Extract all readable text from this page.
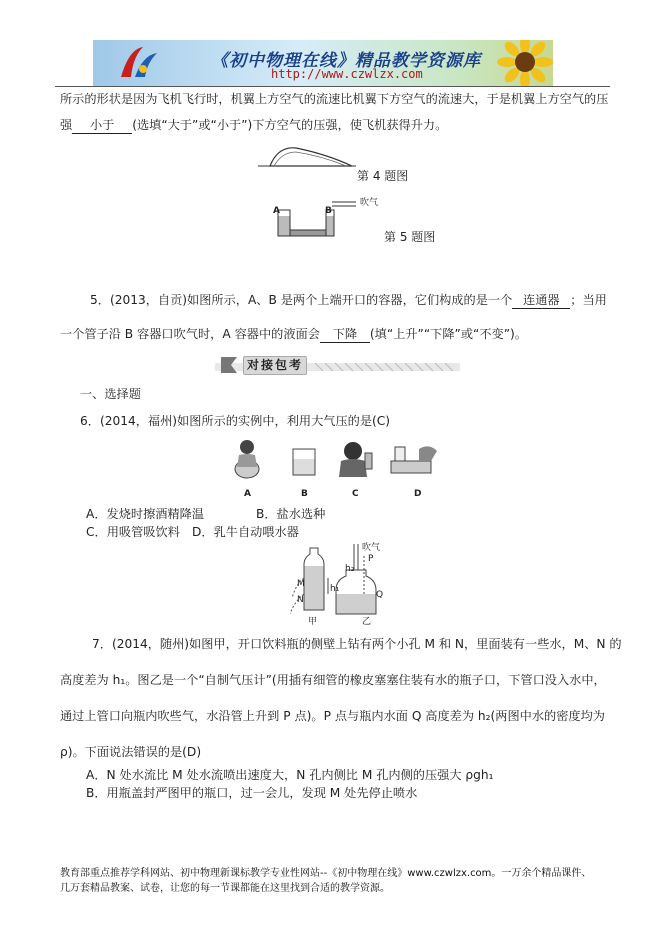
《初中物理在线》精品教学资源库
http://www.czwlzx.com
所示的形状是因为飞机飞行时，机翼上方空气的流速比机翼下方空气的流速大，于是机翼上方空气的压
强 小于 (选填“大于”或“小于”)下方空气的压强，使飞机获得升力。
第 4 题图
A	B
吹气
第 5 题图
5．(2013，自贡)如图所示，A、B 是两个上端开口的容器，它们构成的是一个 连通器 ；当用
一个管子沿 B 容器口吹气时，A 容器中的液面会 下降 (填“上升”“下降”或“不变”)。
对接包考
一、选择题
6．(2014，福州)如图所示的实例中，利用大气压的是(C)
A	B	C	D
A．发烧时擦酒精降温	B．盐水选种
C．用吸管吸饮料　D．乳牛自动喂水器
M
N
h₁
h₂
P
Q
吹气
甲	乙
7．(2014，随州)如图甲，开口饮料瓶的侧壁上钻有两个小孔 M 和 N，里面装有一些水，M、N 的
高度差为 h₁。图乙是一个“自制气压计”(用插有细管的橡皮塞塞住装有水的瓶子口，下管口没入水中，
通过上管口向瓶内吹些气，水沿管上升到 P 点)。P 点与瓶内水面 Q 高度差为 h₂(两图中水的密度均为
ρ)。下面说法错误的是(D)
A．N 处水流比 M 处水流喷出速度大，N 孔内侧比 M 孔内侧的压强大 ρgh₁
B．用瓶盖封严图甲的瓶口，过一会儿，发现 M 处先停止喷水
教育部重点推荐学科网站、初中物理新课标教学专业性网站--《初中物理在线》www.czwlzx.com。一万余个精品课件、
几万套精品教案、试卷，让您的每一节课都能在这里找到合适的教学资源。
